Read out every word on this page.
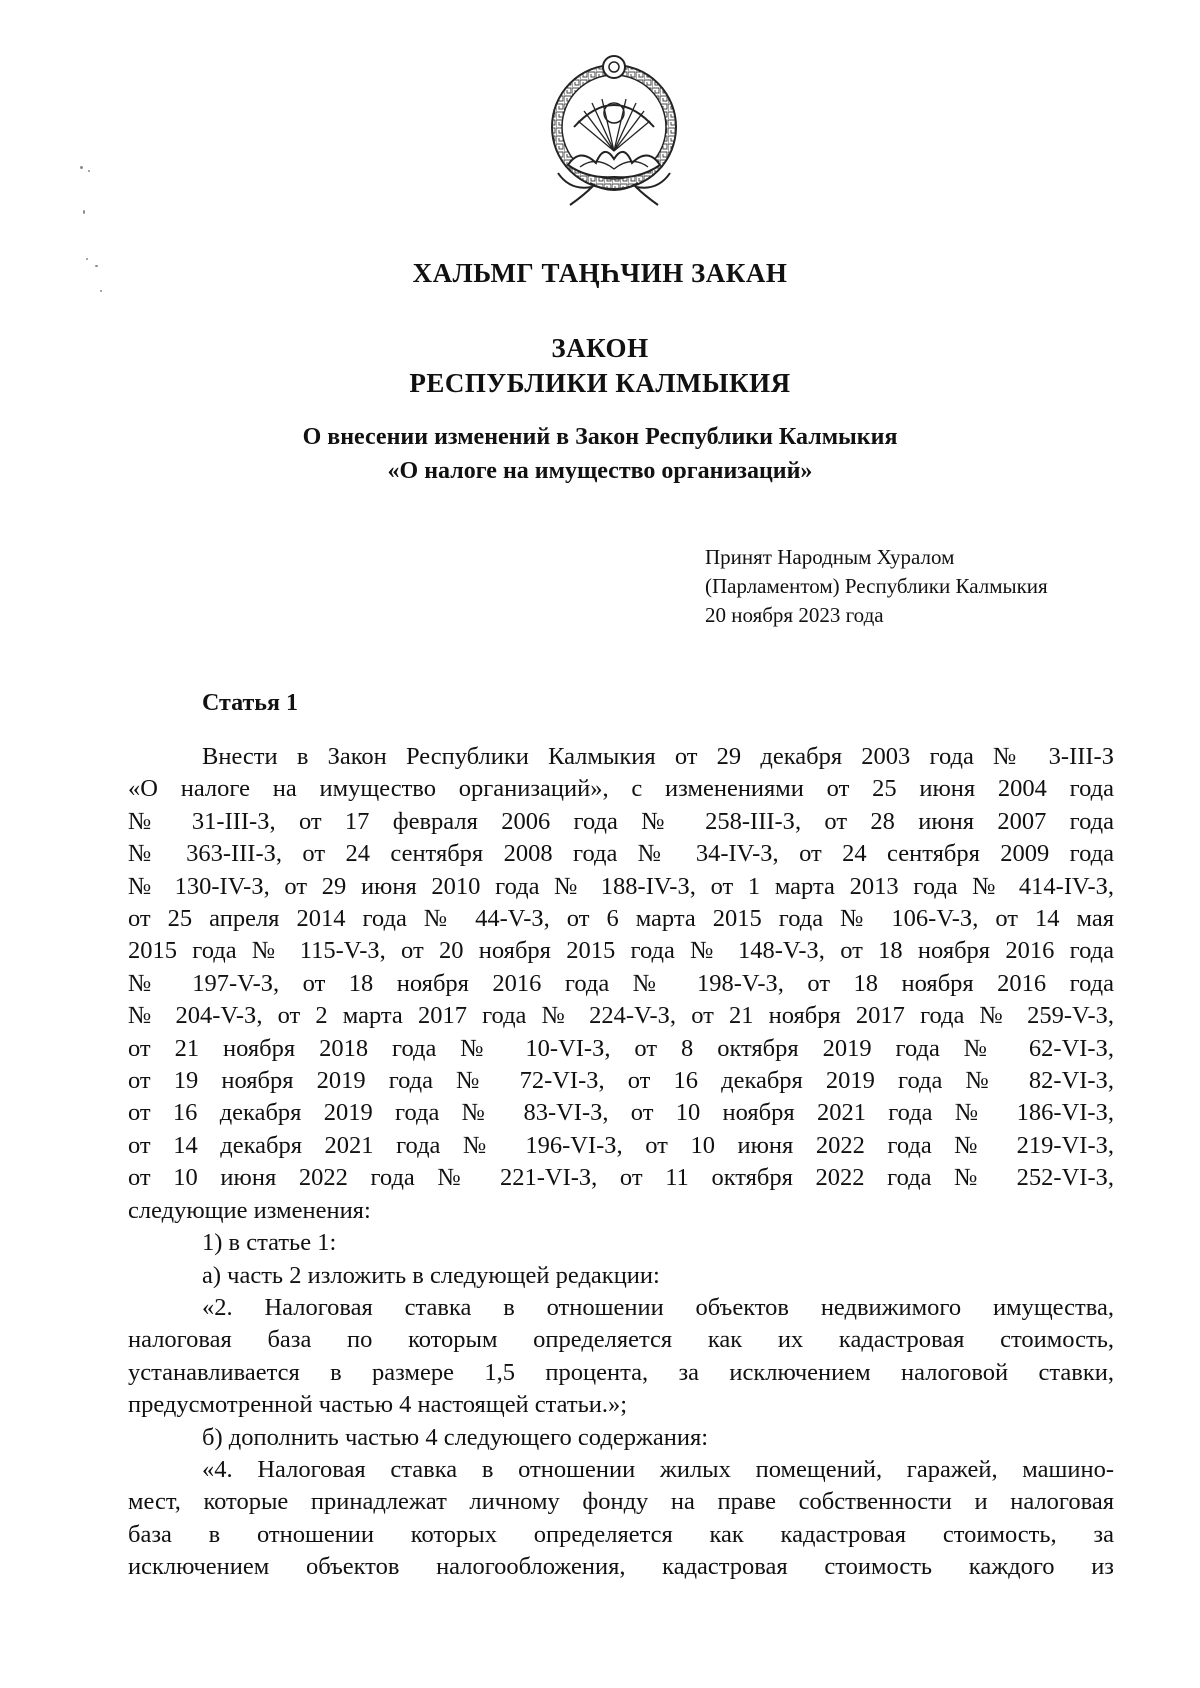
ХАЛЬМГ ТАҢҺЧИН ЗАКАН
ЗАКОН
РЕСПУБЛИКИ КАЛМЫКИЯ
О внесении изменений в Закон Республики Калмыкия
«О налоге на имущество организаций»
Принят Народным Хуралом
(Парламентом) Республики Калмыкия
20 ноября 2023 года
Статья 1

Внести в Закон Республики Калмыкия от 29 декабря 2003 года № 3-III-З

«О налоге на имущество организаций», с изменениями от 25 июня 2004 года

№ 31-III-З, от 17 февраля 2006 года № 258-III-З, от 28 июня 2007 года

№ 363-III-З, от 24 сентября 2008 года № 34-IV-З, от 24 сентября 2009 года

№ 130-IV-З, от 29 июня 2010 года № 188-IV-З, от 1 марта 2013 года № 414-IV-З,

от 25 апреля 2014 года № 44-V-З, от 6 марта 2015 года № 106-V-З, от 14 мая

2015 года № 115-V-З, от 20 ноября 2015 года № 148-V-З, от 18 ноября 2016 года

№ 197-V-З, от 18 ноября 2016 года № 198-V-З, от 18 ноября 2016 года

№ 204-V-З, от 2 марта 2017 года № 224-V-З, от 21 ноября 2017 года № 259-V-З,

от 21 ноября 2018 года № 10-VI-З, от 8 октября 2019 года № 62-VI-З,

от 19 ноября 2019 года № 72-VI-З, от 16 декабря 2019 года № 82-VI-З,

от 16 декабря 2019 года № 83-VI-З, от 10 ноября 2021 года № 186-VI-З,

от 14 декабря 2021 года № 196-VI-З, от 10 июня 2022 года № 219-VI-З,

от 10 июня 2022 года № 221-VI-З, от 11 октября 2022 года № 252-VI-З,

следующие изменения:

1) в статье 1:

а) часть 2 изложить в следующей редакции:

«2. Налоговая ставка в отношении объектов недвижимого имущества,

налоговая база по которым определяется как их кадастровая стоимость,

устанавливается в размере 1,5 процента, за исключением налоговой ставки,

предусмотренной частью 4 настоящей статьи.»;

б) дополнить частью 4 следующего содержания:

«4. Налоговая ставка в отношении жилых помещений, гаражей, машино-

мест, которые принадлежат личному фонду на праве собственности и налоговая

база в отношении которых определяется как кадастровая стоимость, за

исключением объектов налогообложения, кадастровая стоимость каждого из
